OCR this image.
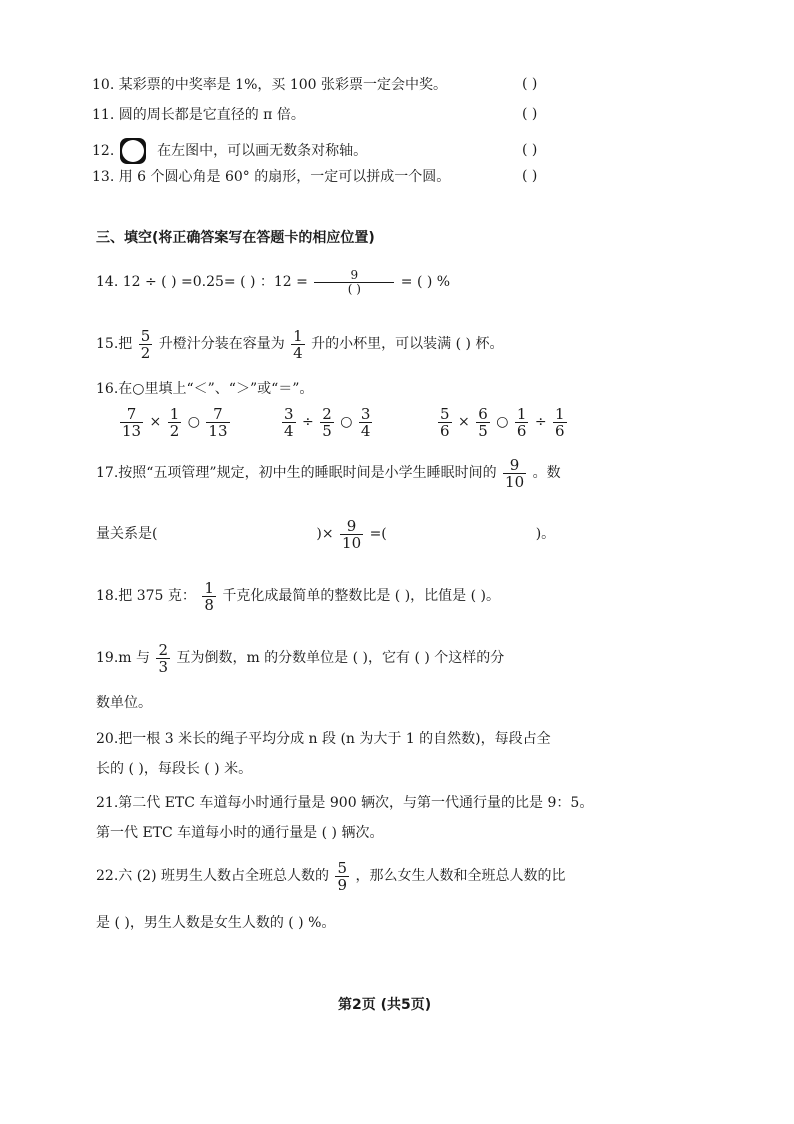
10. 某彩票的中奖率是 1%，买 100 张彩票一定会中奖。	( )
11. 圆的周长都是它直径的 π 倍。	( )
12.	在左图中，可以画无数条对称轴。	( )
13. 用 6 个圆心角是 60° 的扇形，一定可以拼成一个圆。	( )
三、填空(将正确答案写在答题卡的相应位置)
14. 12 ÷ ( ) =0.25= ( ) ：$12 = \frac{9}{( )}$ = ( ) %
15.把 $\frac{5}{2}$ 升橙汁分装在容量为 $\frac{1}{4}$ 升的小杯里，可以装满 ( ) 杯。
16.在○里填上“＜”、“＞”或“＝”。
$\frac{7}{13} \times \frac{1}{2}$ ○ $\frac{7}{13}$	$\frac{3}{4} \div \frac{2}{5}$ ○ $\frac{3}{4}$	$\frac{5}{6} \times \frac{6}{5}$ ○ $\frac{1}{6} \div \frac{1}{6}$
17.按照“五项管理”规定，初中生的睡眠时间是小学生睡眠时间的 $\frac{9}{10}$ 。数
量关系是(	)× $\frac{9}{10}$ =(	)。
18.把 375 克： $\frac{1}{8}$ 千克化成最简单的整数比是 ( )，比值是 ( )。
19.m 与 $\frac{2}{3}$ 互为倒数，m 的分数单位是 ( )，它有 ( ) 个这样的分
数单位。
20.把一根 3 米长的绳子平均分成 n 段 (n 为大于 1 的自然数)，每段占全
长的 ( )，每段长 ( ) 米。
21.第二代 ETC 车道每小时通行量是 900 辆次，与第一代通行量的比是 9：5。
第一代 ETC 车道每小时的通行量是 ( ) 辆次。
22.六 (2) 班男生人数占全班总人数的 $\frac{5}{9}$ ，那么女生人数和全班总人数的比
是 ( )，男生人数是女生人数的 ( ) %。
第2页 (共5页)
